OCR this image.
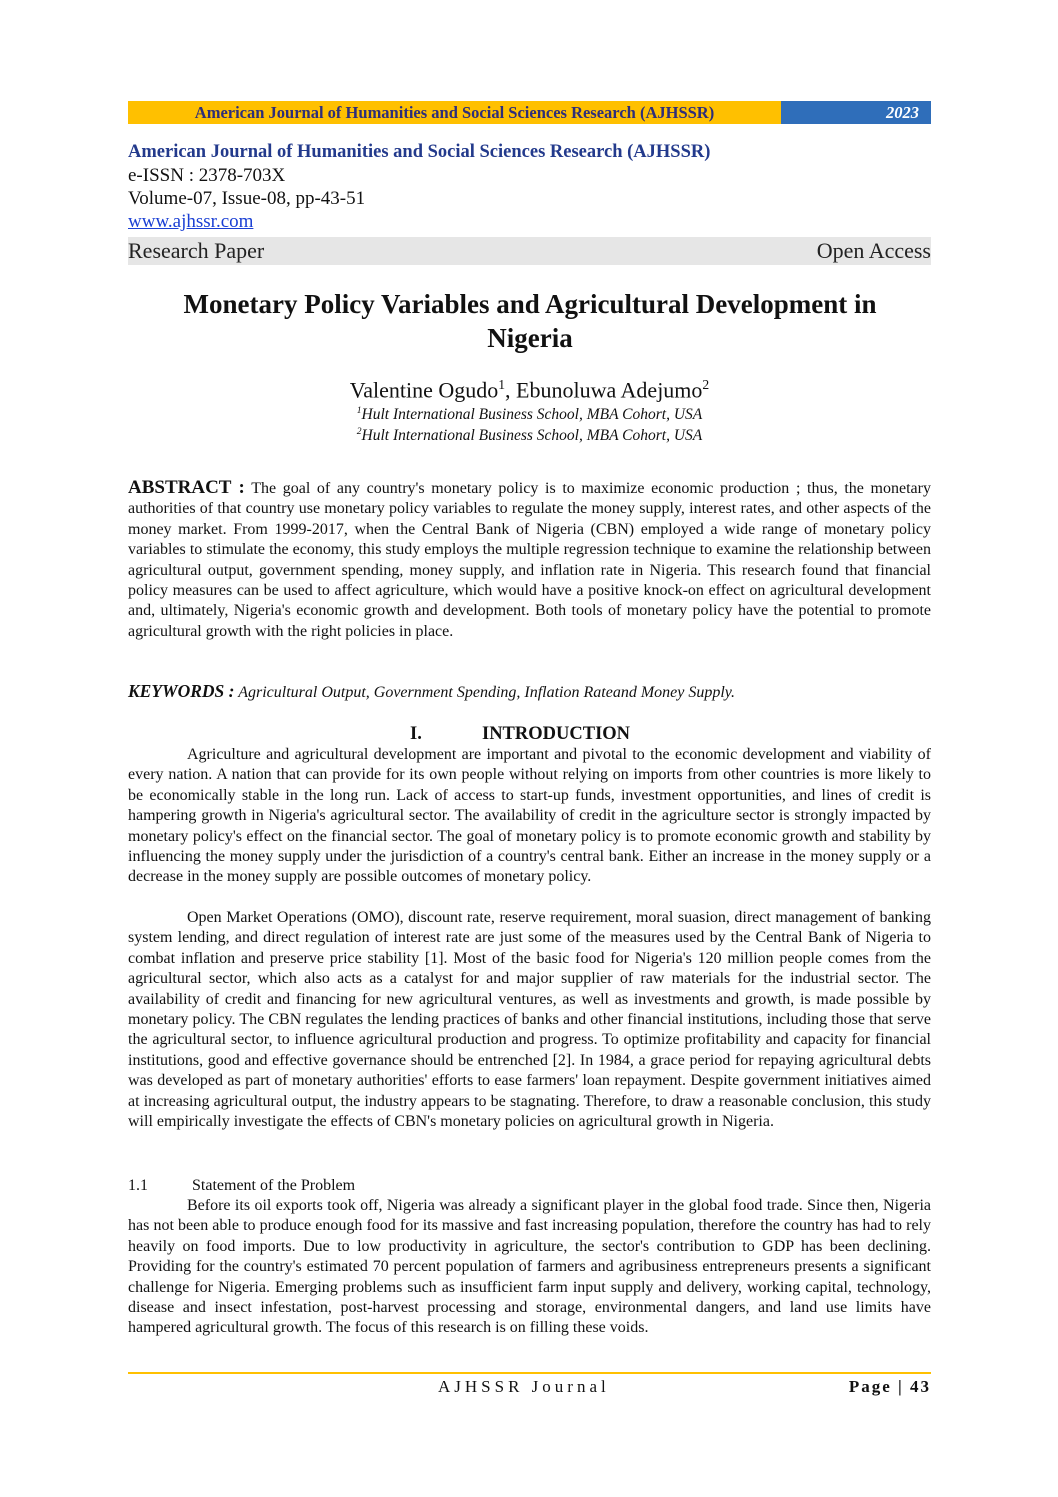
American Journal of Humanities and Social Sciences Research (AJHSSR)	2023
American Journal of Humanities and Social Sciences Research (AJHSSR)
e-ISSN : 2378-703X
Volume-07, Issue-08, pp-43-51
www.ajhssr.com
Research Paper	Open Access
Monetary Policy Variables and Agricultural Development in Nigeria
Valentine Ogudo$^1$, Ebunoluwa Adejumo$^2$
$^1$Hult International Business School, MBA Cohort, USA
$^2$Hult International Business School, MBA Cohort, USA
ABSTRACT : The goal of any country's monetary policy is to maximize economic production ; thus, the monetary authorities of that country use monetary policy variables to regulate the money supply, interest rates, and other aspects of the money market. From 1999-2017, when the Central Bank of Nigeria (CBN) employed a wide range of monetary policy variables to stimulate the economy, this study employs the multiple regression technique to examine the relationship between agricultural output, government spending, money supply, and inflation rate in Nigeria. This research found that financial policy measures can be used to affect agriculture, which would have a positive knock-on effect on agricultural development and, ultimately, Nigeria's economic growth and development. Both tools of monetary policy have the potential to promote agricultural growth with the right policies in place.
KEYWORDS : Agricultural Output, Government Spending, Inflation Rateand Money Supply.
I.	INTRODUCTION
Agriculture and agricultural development are important and pivotal to the economic development and viability of every nation. A nation that can provide for its own people without relying on imports from other countries is more likely to be economically stable in the long run. Lack of access to start-up funds, investment opportunities, and lines of credit is hampering growth in Nigeria's agricultural sector. The availability of credit in the agriculture sector is strongly impacted by monetary policy's effect on the financial sector. The goal of monetary policy is to promote economic growth and stability by influencing the money supply under the jurisdiction of a country's central bank. Either an increase in the money supply or a decrease in the money supply are possible outcomes of monetary policy.
Open Market Operations (OMO), discount rate, reserve requirement, moral suasion, direct management of banking system lending, and direct regulation of interest rate are just some of the measures used by the Central Bank of Nigeria to combat inflation and preserve price stability [1]. Most of the basic food for Nigeria's 120 million people comes from the agricultural sector, which also acts as a catalyst for and major supplier of raw materials for the industrial sector. The availability of credit and financing for new agricultural ventures, as well as investments and growth, is made possible by monetary policy. The CBN regulates the lending practices of banks and other financial institutions, including those that serve the agricultural sector, to influence agricultural production and progress. To optimize profitability and capacity for financial institutions, good and effective governance should be entrenched [2]. In 1984, a grace period for repaying agricultural debts was developed as part of monetary authorities' efforts to ease farmers' loan repayment. Despite government initiatives aimed at increasing agricultural output, the industry appears to be stagnating. Therefore, to draw a reasonable conclusion, this study will empirically investigate the effects of CBN's monetary policies on agricultural growth in Nigeria.
1.1	Statement of the Problem
Before its oil exports took off, Nigeria was already a significant player in the global food trade. Since then, Nigeria has not been able to produce enough food for its massive and fast increasing population, therefore the country has had to rely heavily on food imports. Due to low productivity in agriculture, the sector's contribution to GDP has been declining. Providing for the country's estimated 70 percent population of farmers and agribusiness entrepreneurs presents a significant challenge for Nigeria. Emerging problems such as insufficient farm input supply and delivery, working capital, technology, disease and insect infestation, post-harvest processing and storage, environmental dangers, and land use limits have hampered agricultural growth. The focus of this research is on filling these voids.
AJHSSR Journal	Page | 43
